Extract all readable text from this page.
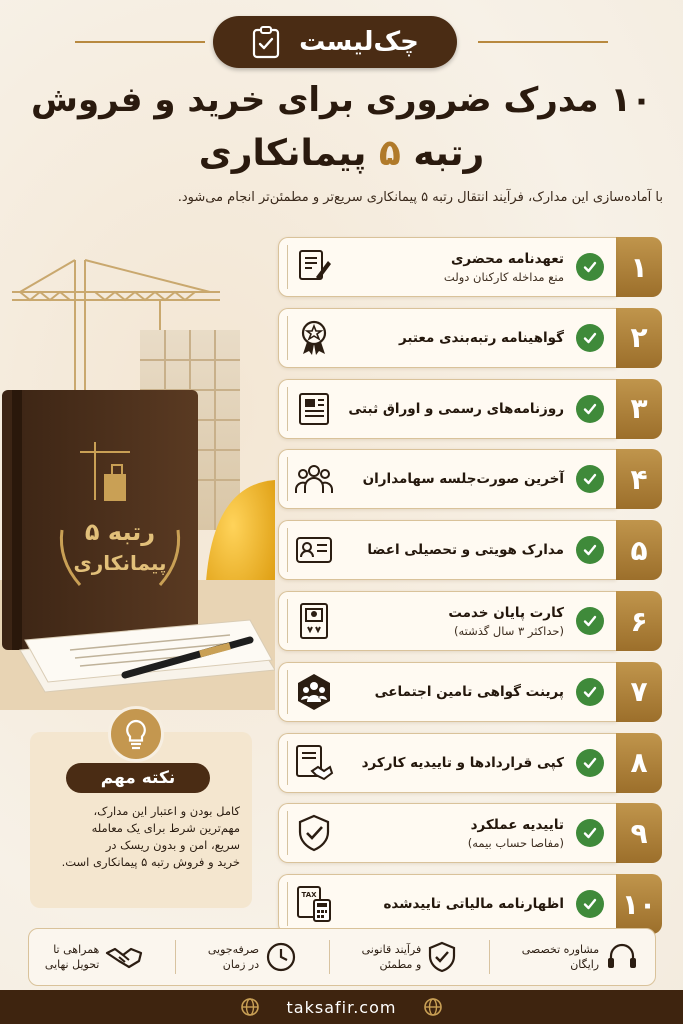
چک‌لیست
۱۰ مدرک ضروری برای خرید و فروش
رتبه ۵ پیمانکاری
با آماده‌سازی این مدارک، فرآیند انتقال رتبه ۵ پیمانکاری سریع‌تر و مطمئن‌تر انجام می‌شود.
رتبه ۵
پیمانکاری
۱
تعهدنامه محضری
منع مداخله کارکنان دولت
۲
گواهینامه رتبه‌بندی معتبر
۳
روزنامه‌های رسمی و اوراق ثبتی
۴
آخرین صورت‌جلسه سهامداران
۵
مدارک هویتی و تحصیلی اعضا
۶
کارت پایان خدمت
(حداکثر ۳ سال گذشته)
۷
پرینت گواهی تامین اجتماعی
۸
کپی قراردادها و تاییدیه کارکرد
۹
تاییدیه عملکرد
(مفاصا حساب بیمه)
۱۰
اظهارنامه مالیاتی تاییدشده
TAX
نکته مهم
کامل بودن و اعتبار این مدارک،
مهم‌ترین شرط برای یک معامله
سریع، امن و بدون ریسک در
خرید و فروش رتبه ۵ پیمانکاری است.
مشاوره تخصصی
رایگان
فرآیند قانونی
و مطمئن
صرفه‌جویی
در زمان
همراهی تا
تحویل نهایی
taksafir.com
